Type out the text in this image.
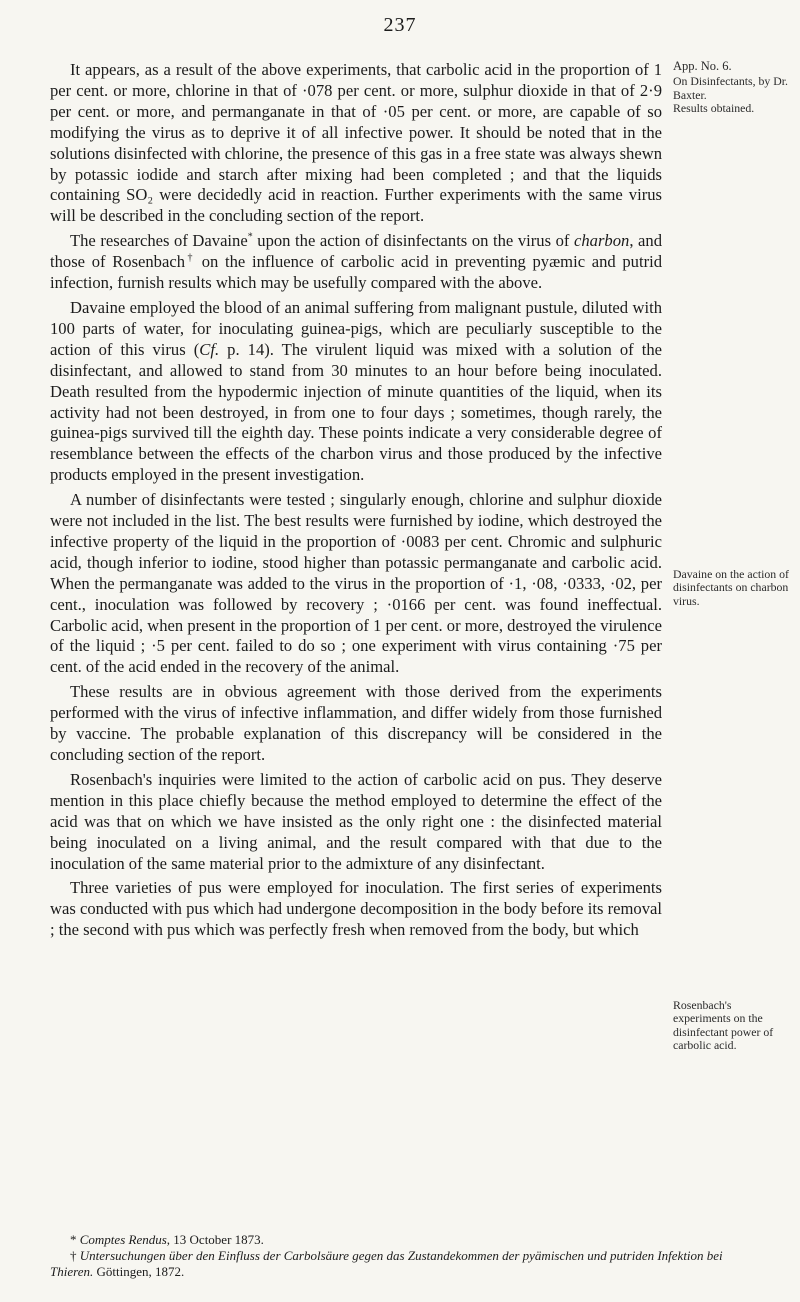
237

It appears, as a result of the above experiments, that carbolic acid in the proportion of 1 per cent. or more, chlorine in that of ·078 per cent. or more, sulphur dioxide in that of 2·9 per cent. or more, and permanganate in that of ·05 per cent. or more, are capable of so modifying the virus as to deprive it of all infective power. It should be noted that in the solutions disinfected with chlorine, the presence of this gas in a free state was always shewn by potassic iodide and starch after mixing had been completed ; and that the liquids containing SO₂ were decidedly acid in reaction. Further experiments with the same virus will be described in the concluding section of the report.

The researches of Davaine* upon the action of disinfectants on the virus of charbon, and those of Rosenbach† on the influence of carbolic acid in preventing pyæmic and putrid infection, furnish results which may be usefully compared with the above.

Davaine employed the blood of an animal suffering from malignant pustule, diluted with 100 parts of water, for inoculating guinea-pigs, which are peculiarly susceptible to the action of this virus (Cf. p. 14). The virulent liquid was mixed with a solution of the disinfectant, and allowed to stand from 30 minutes to an hour before being inoculated. Death resulted from the hypodermic injection of minute quantities of the liquid, when its activity had not been destroyed, in from one to four days ; sometimes, though rarely, the guinea-pigs survived till the eighth day. These points indicate a very considerable degree of resemblance between the effects of the charbon virus and those produced by the infective products employed in the present investigation.

A number of disinfectants were tested ; singularly enough, chlorine and sulphur dioxide were not included in the list. The best results were furnished by iodine, which destroyed the infective property of the liquid in the proportion of ·0083 per cent. Chromic and sulphuric acid, though inferior to iodine, stood higher than potassic permanganate and carbolic acid. When the permanganate was added to the virus in the proportion of ·1, ·08, ·0333, ·02, per cent., inoculation was followed by recovery ; ·0166 per cent. was found ineffectual. Carbolic acid, when present in the proportion of 1 per cent. or more, destroyed the virulence of the liquid ; ·5 per cent. failed to do so ; one experiment with virus containing ·75 per cent. of the acid ended in the recovery of the animal.

These results are in obvious agreement with those derived from the experiments performed with the virus of infective inflammation, and differ widely from those furnished by vaccine. The probable explanation of this discrepancy will be considered in the concluding section of the report.

Rosenbach's inquiries were limited to the action of carbolic acid on pus. They deserve mention in this place chiefly because the method employed to determine the effect of the acid was that on which we have insisted as the only right one : the disinfected material being inoculated on a living animal, and the result compared with that due to the inoculation of the same material prior to the admixture of any disinfectant.

Three varieties of pus were employed for inoculation. The first series of experiments was conducted with pus which had undergone decomposition in the body before its removal ; the second with pus which was perfectly fresh when removed from the body, but which

App. No. 6.
On Disinfectants, by Dr. Baxter.
Results obtained.
Davaine on the action of disinfectants on charbon virus.
Rosenbach's experiments on the disinfectant power of carbolic acid.

* Comptes Rendus, 13 October 1873.

† Untersuchungen über den Einfluss der Carbolsäure gegen das Zustandekommen der pyämischen und putriden Infektion bei Thieren. Göttingen, 1872.
